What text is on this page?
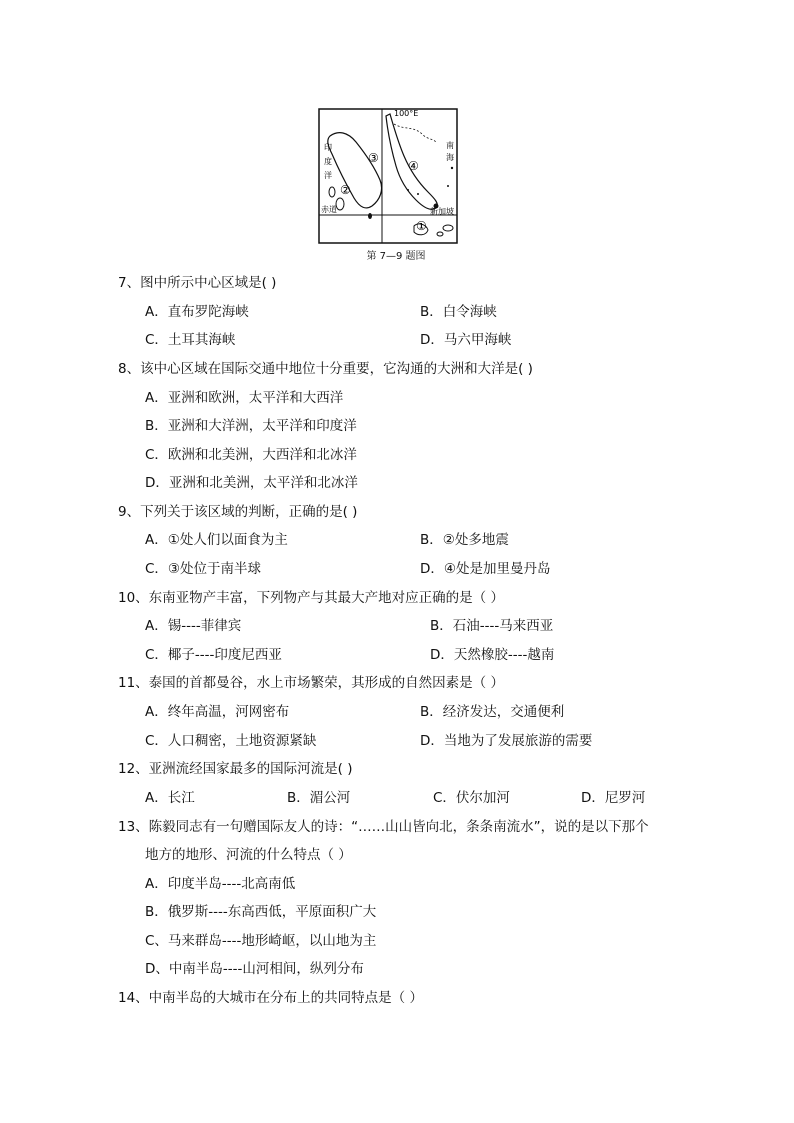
100°E
印
度
洋
赤道
南
海
新加坡
①
②
③
④
第 7—9 题图
7、图中所示中心区域是( )
A．直布罗陀海峡	B．白令海峡
C．土耳其海峡	D．马六甲海峡
8、该中心区域在国际交通中地位十分重要，它沟通的大洲和大洋是( )
A．亚洲和欧洲，太平洋和大西洋
B．亚洲和大洋洲，太平洋和印度洋
C．欧洲和北美洲，大西洋和北冰洋
D．亚洲和北美洲，太平洋和北冰洋
9、下列关于该区域的判断，正确的是( )
A．①处人们以面食为主	B．②处多地震
C．③处位于南半球	D．④处是加里曼丹岛
10、东南亚物产丰富，下列物产与其最大产地对应正确的是（ ）
A．锡----菲律宾	B．石油----马来西亚
C．椰子----印度尼西亚	D．天然橡胶----越南
11、泰国的首都曼谷，水上市场繁荣，其形成的自然因素是（ ）
A．终年高温，河网密布	B．经济发达，交通便利
C．人口稠密，土地资源紧缺	D．当地为了发展旅游的需要
12、亚洲流经国家最多的国际河流是( )
A．长江	B．湄公河	C．伏尔加河	D．尼罗河
13、陈毅同志有一句赠国际友人的诗：“……山山皆向北，条条南流水”，说的是以下那个
地方的地形、河流的什么特点（ ）
A．印度半岛----北高南低
B．俄罗斯----东高西低，平原面积广大
C、马来群岛----地形崎岖，以山地为主
D、中南半岛----山河相间，纵列分布
14、中南半岛的大城市在分布上的共同特点是（ ）
